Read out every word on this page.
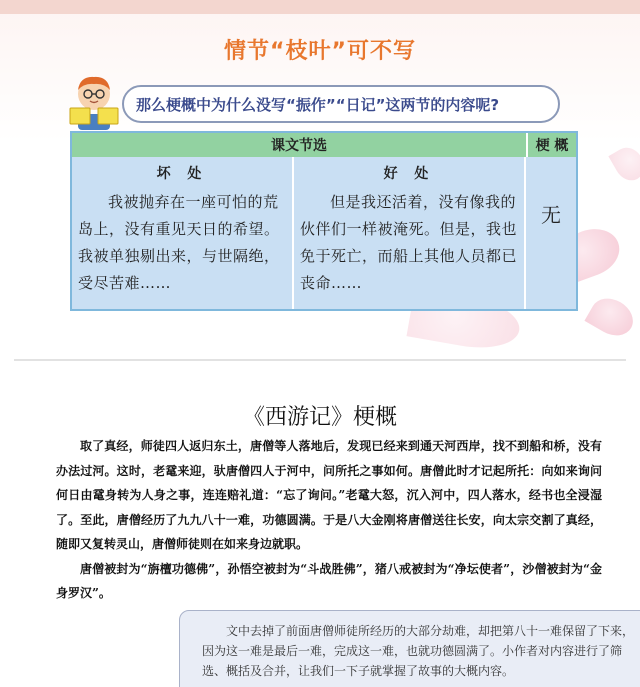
情节“枝叶”可不写
那么梗概中为什么没写“振作”“日记”这两节的内容呢?
课文节选	梗 概
坏 处
我被抛弃在一座可怕的荒岛上，没有重见天日的希望。我被单独剔出来，与世隔绝，受尽苦难……
好 处
但是我还活着，没有像我的伙伴们一样被淹死。但是，我也免于死亡，而船上其他人员都已丧命……
无
《西游记》梗概

取了真经，师徒四人返归东土，唐僧等人落地后，发现已经来到通天河西岸，找不到船和桥，没有办法过河。这时，老鼋来迎，驮唐僧四人于河中，问所托之事如何。唐僧此时才记起所托：向如来询问何日由鼋身转为人身之事，连连赔礼道：“忘了询问。”老鼋大怒，沉入河中，四人落水，经书也全浸湿了。至此，唐僧经历了九九八十一难，功德圆满。于是八大金刚将唐僧送往长安，向太宗交割了真经，随即又复转灵山，唐僧师徒则在如来身边就职。

唐僧被封为“旃檀功德佛”，孙悟空被封为“斗战胜佛”，猪八戒被封为“净坛使者”，沙僧被封为“金身罗汉”。

文中去掉了前面唐僧师徒所经历的大部分劫难，却把第八十一难保留了下来，因为这一难是最后一难，完成这一难，也就功德圆满了。小作者对内容进行了筛选、概括及合并，让我们一下子就掌握了故事的大概内容。
